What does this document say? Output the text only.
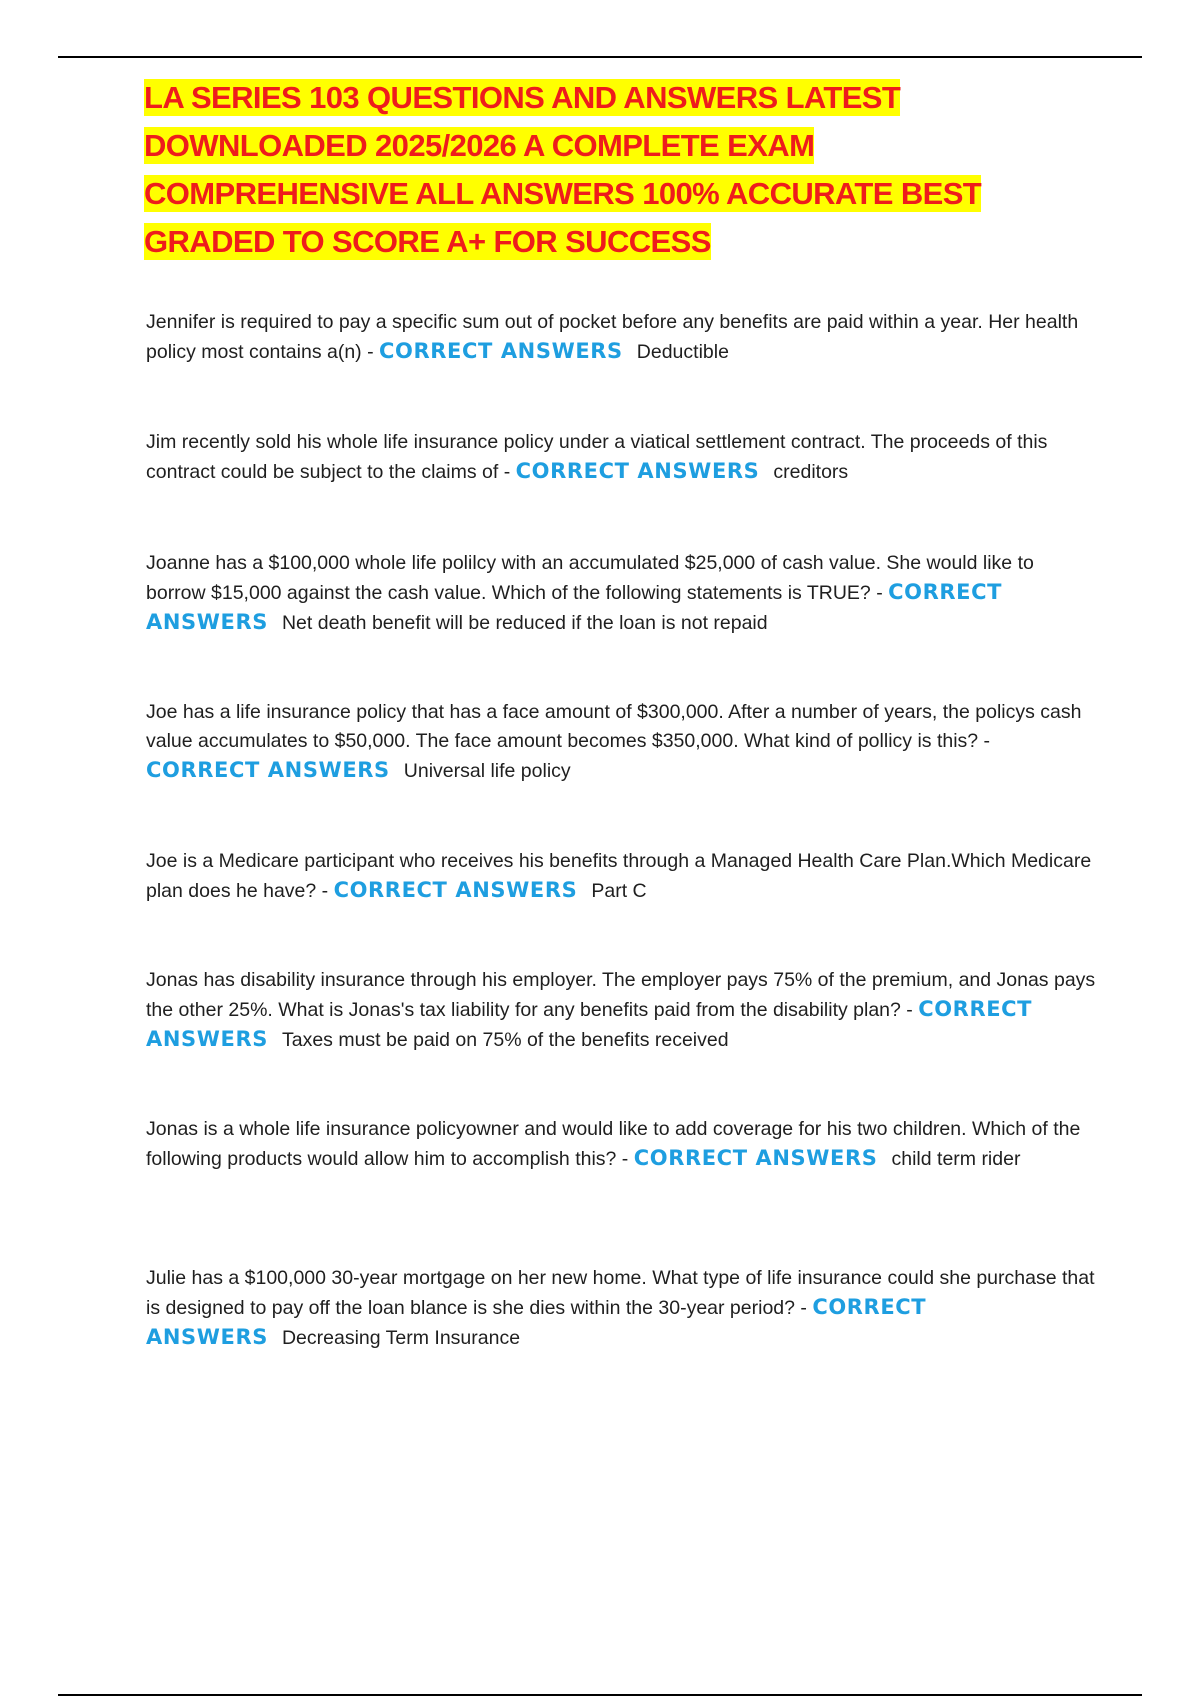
LA SERIES 103 QUESTIONS AND ANSWERS LATEST DOWNLOADED 2025/2026 A COMPLETE EXAM COMPREHENSIVE ALL ANSWERS 100% ACCURATE BEST GRADED TO SCORE A+ FOR SUCCESS

Jennifer is required to pay a specific sum out of pocket before any benefits are paid within a year. Her health policy most contains a(n) - CORRECT ANSWERS Deductible

Jim recently sold his whole life insurance policy under a viatical settlement contract. The proceeds of this contract could be subject to the claims of - CORRECT ANSWERS creditors

Joanne has a $100,000 whole life polilcy with an accumulated $25,000 of cash value. She would like to borrow $15,000 against the cash value. Which of the following statements is TRUE? - CORRECT ANSWERS Net death benefit will be reduced if the loan is not repaid

Joe has a life insurance policy that has a face amount of $300,000. After a number of years, the policys cash value accumulates to $50,000. The face amount becomes $350,000. What kind of pollicy is this? - CORRECT ANSWERS Universal life policy

Joe is a Medicare participant who receives his benefits through a Managed Health Care Plan.Which Medicare plan does he have? - CORRECT ANSWERS Part C

Jonas has disability insurance through his employer. The employer pays 75% of the premium, and Jonas pays the other 25%. What is Jonas's tax liability for any benefits paid from the disability plan? - CORRECT ANSWERS Taxes must be paid on 75% of the benefits received

Jonas is a whole life insurance policyowner and would like to add coverage for his two children. Which of the following products would allow him to accomplish this? - CORRECT ANSWERS child term rider

Julie has a $100,000 30-year mortgage on her new home. What type of life insurance could she purchase that is designed to pay off the loan blance is she dies within the 30-year period? - CORRECT ANSWERS Decreasing Term Insurance
